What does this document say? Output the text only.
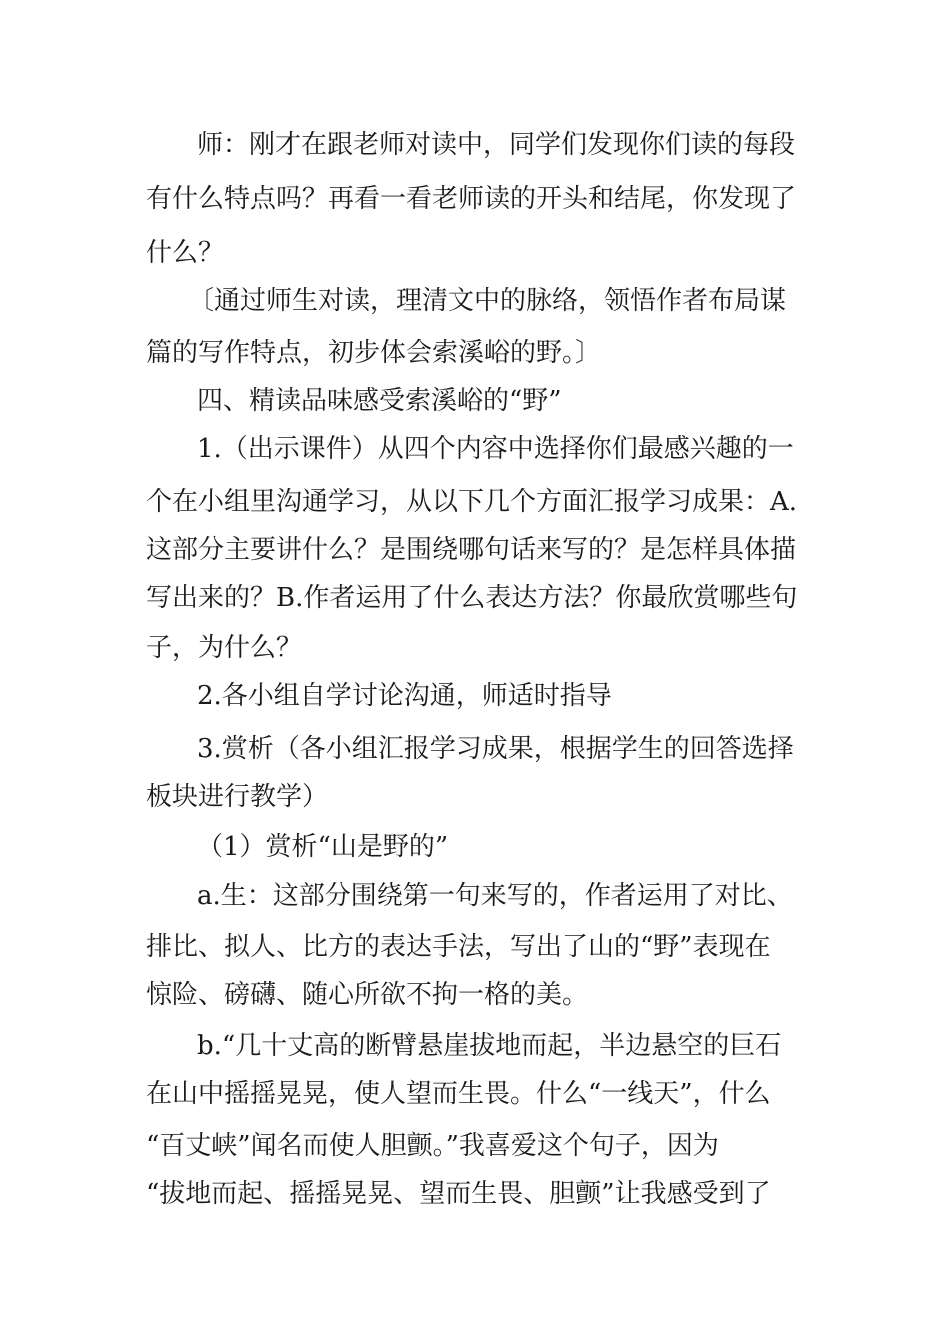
师：刚才在跟老师对读中，同学们发现你们读的每段

有什么特点吗？再看一看老师读的开头和结尾，你发现了

什么？

〔通过师生对读，理清文中的脉络，领悟作者布局谋

篇的写作特点，初步体会索溪峪的野。〕

四、精读品味感受索溪峪的“野”

1.（出示课件）从四个内容中选择你们最感兴趣的一

个在小组里沟通学习，从以下几个方面汇报学习成果：A.

这部分主要讲什么？是围绕哪句话来写的？是怎样具体描

写出来的？B.作者运用了什么表达方法？你最欣赏哪些句

子，为什么？

2.各小组自学讨论沟通，师适时指导

3.赏析（各小组汇报学习成果，根据学生的回答选择

板块进行教学）

（1）赏析“山是野的”

a.生：这部分围绕第一句来写的，作者运用了对比、

排比、拟人、比方的表达手法，写出了山的“野”表现在

惊险、磅礴、随心所欲不拘一格的美。

b.“几十丈高的断臂悬崖拔地而起，半边悬空的巨石

在山中摇摇晃晃，使人望而生畏。什么“一线天”，什么

“百丈峡”闻名而使人胆颤。”我喜爱这个句子，因为

“拔地而起、摇摇晃晃、望而生畏、胆颤”让我感受到了
